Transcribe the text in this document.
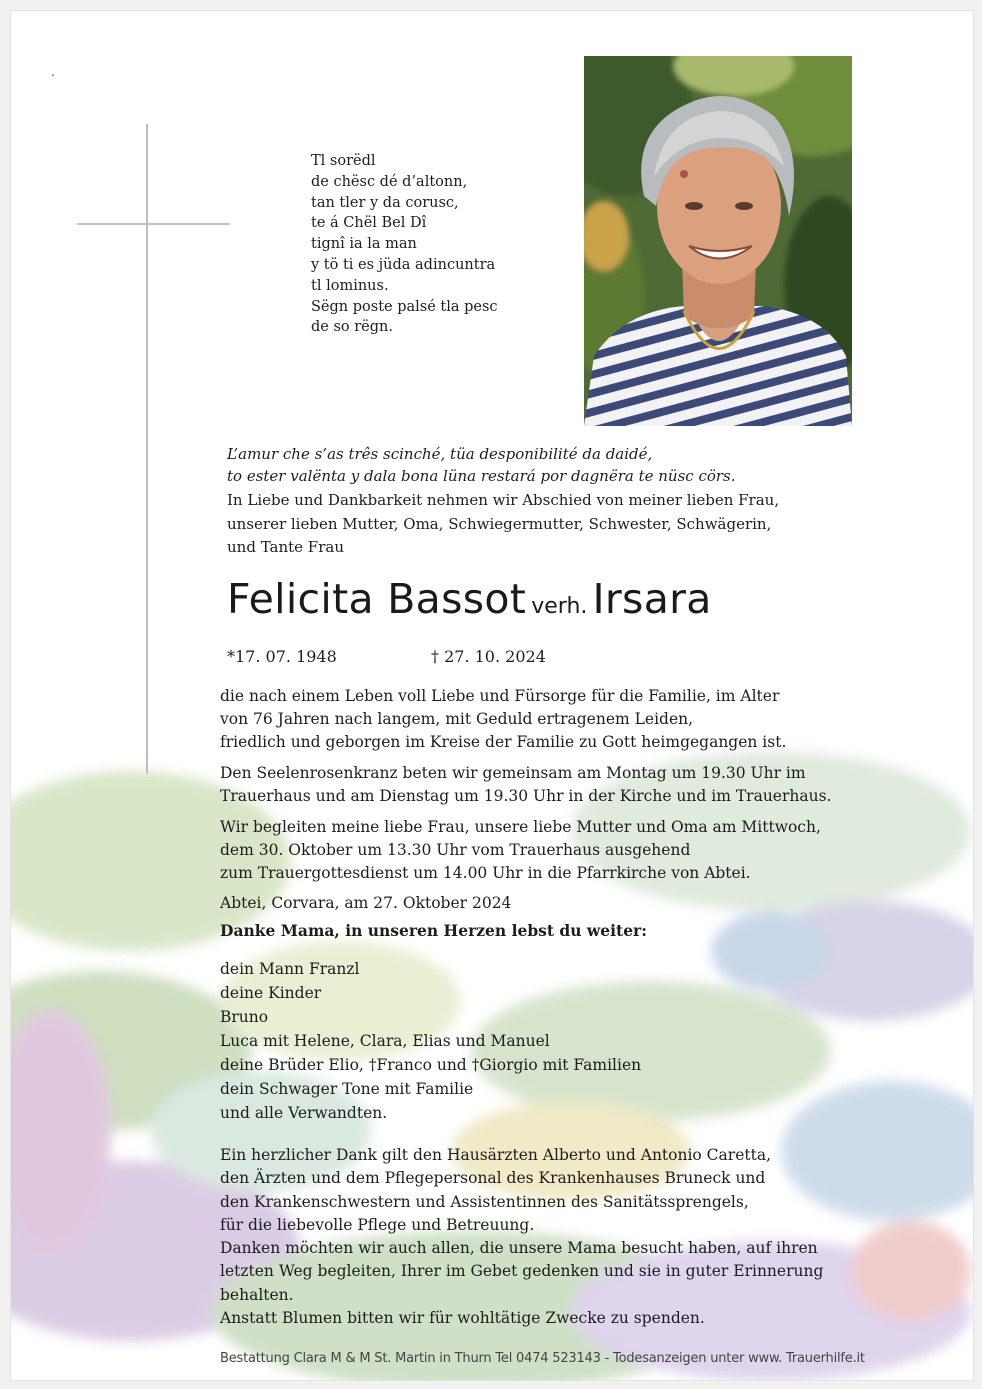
.
Tl sorëdl
de chësc dé d’altonn,
tan tler y da corusc,
te á Chël Bel Dî
tignî ia la man
y tö ti es jüda adincuntra
tl lominus.
Sëgn poste palsé tla pesc
de so rëgn.
L’amur che s’as três scinché, tüa desponibilité da daidé,
to ester valënta y dala bona lüna restará por dagnëra te nüsc cörs.
In Liebe und Dankbarkeit nehmen wir Abschied von meiner lieben Frau,
unserer lieben Mutter, Oma, Schwiegermutter, Schwester, Schwägerin,
und Tante Frau
Felicita Bassot verh. Irsara
*17. 07. 1948	† 27. 10. 2024
die nach einem Leben voll Liebe und Fürsorge für die Familie, im Alter
von 76 Jahren nach langem, mit Geduld ertragenem Leiden,
friedlich und geborgen im Kreise der Familie zu Gott heimgegangen ist.
Den Seelenrosenkranz beten wir gemeinsam am Montag um 19.30 Uhr im
Trauerhaus und am Dienstag um 19.30 Uhr in der Kirche und im Trauerhaus.
Wir begleiten meine liebe Frau, unsere liebe Mutter und Oma am Mittwoch,
dem 30. Oktober um 13.30 Uhr vom Trauerhaus ausgehend
zum Trauergottesdienst um 14.00 Uhr in die Pfarrkirche von Abtei.
Abtei, Corvara, am 27. Oktober 2024
Danke Mama, in unseren Herzen lebst du weiter:
dein Mann Franzl
deine Kinder
Bruno
Luca mit Helene, Clara, Elias und Manuel
deine Brüder Elio, †Franco und †Giorgio mit Familien
dein Schwager Tone mit Familie
und alle Verwandten.
Ein herzlicher Dank gilt den Hausärzten Alberto und Antonio Caretta,
den Ärzten und dem Pflegepersonal des Krankenhauses Bruneck und
den Krankenschwestern und Assistentinnen des Sanitätssprengels,
für die liebevolle Pflege und Betreuung.
Danken möchten wir auch allen, die unsere Mama besucht haben, auf ihren
letzten Weg begleiten, Ihrer im Gebet gedenken und sie in guter Erinnerung
behalten.
Anstatt Blumen bitten wir für wohltätige Zwecke zu spenden.
Bestattung Clara M & M St. Martin in Thurn Tel 0474 523143 - Todesanzeigen unter www. Trauerhilfe.it
